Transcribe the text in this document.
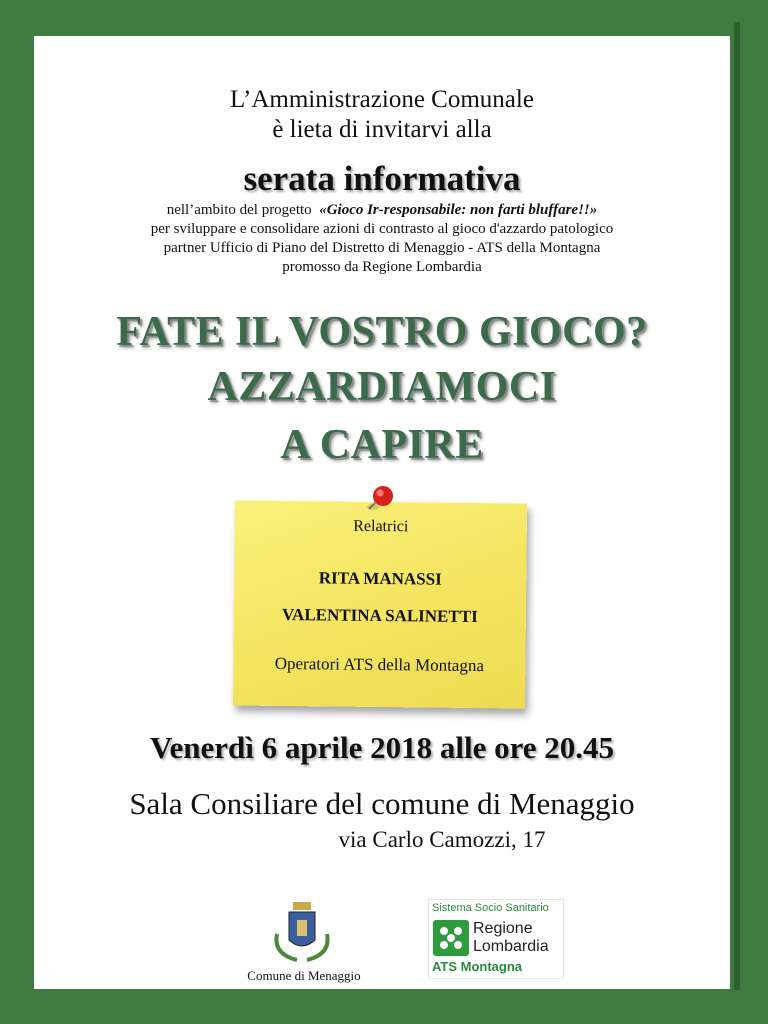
L’Amministrazione Comunale
è lieta di invitarvi alla
serata informativa
nell’ambito del progetto «Gioco Ir-responsabile: non farti bluffare!!»
per sviluppare e consolidare azioni di contrasto al gioco d'azzardo patologico
partner Ufficio di Piano del Distretto di Menaggio - ATS della Montagna
promosso da Regione Lombardia
FATE IL VOSTRO GIOCO?
AZZARDIAMOCI
A CAPIRE
Relatrici
RITA MANASSI
VALENTINA SALINETTI
Operatori ATS della Montagna
Venerdì 6 aprile 2018 alle ore 20.45
Sala Consiliare del comune di Menaggio
via Carlo Camozzi, 17
Comune di Menaggio
Sistema Socio Sanitario
Regione
Lombardia
ATS Montagna
